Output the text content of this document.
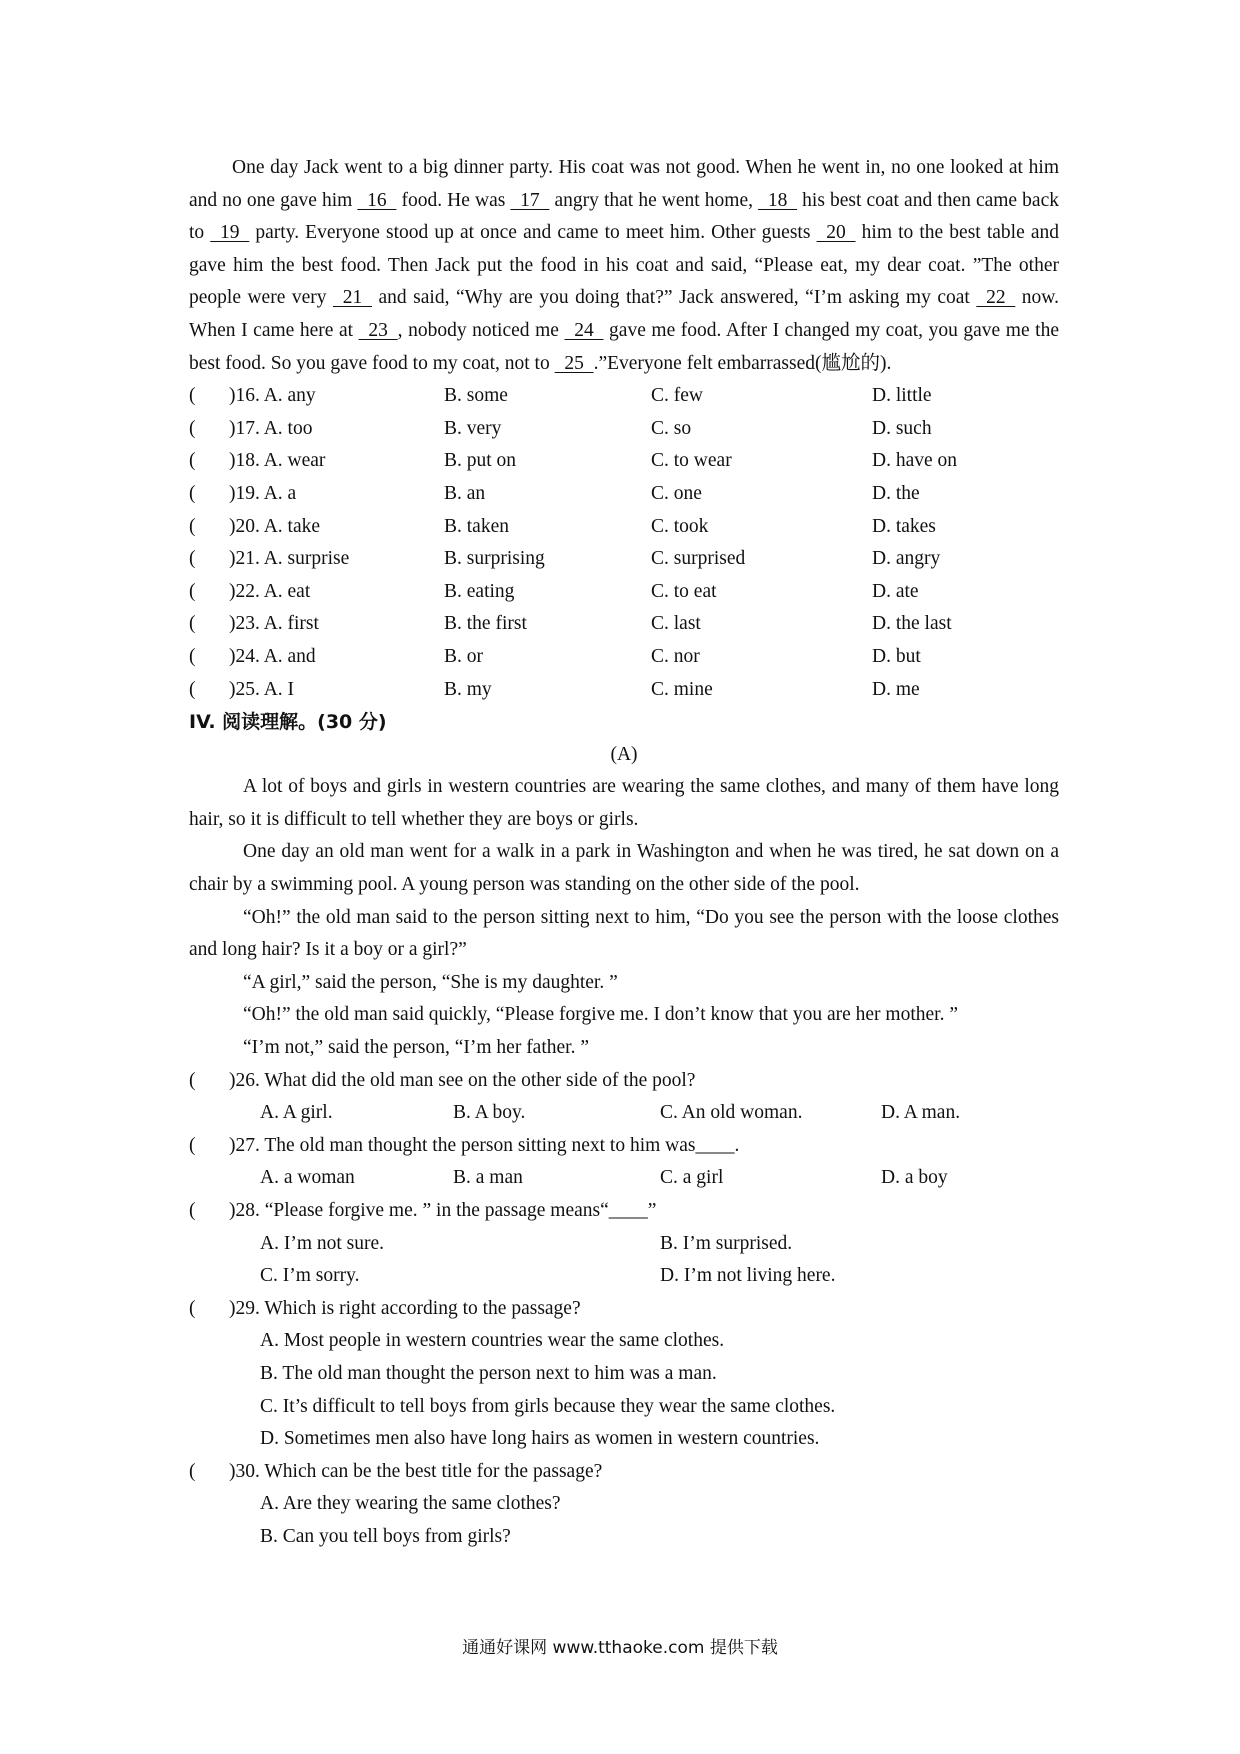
One day Jack went to a big dinner party. His coat was not good. When he went in, no one looked at him and no one gave him   16   food. He was   17   angry that he went home,   18   his best coat and then came back to   19   party. Everyone stood up at once and came to meet him. Other guests   20   him to the best table and gave him the best food. Then Jack put the food in his coat and said, “Please eat, my dear coat. ”The other people were very   21   and said, “Why are you doing that?” Jack answered, “I’m asking my coat   22   now. When I came here at   23  , nobody noticed me   24   gave me food. After I changed my coat, you gave me the best food. So you gave food to my coat, not to   25  .”Everyone felt embarrassed(尴尬的).

(	)16. A. any	B. some	C. few	D. little
(	)17. A. too	B. very	C. so	D. such
(	)18. A. wear	B. put on	C. to wear	D. have on
(	)19. A. a	B. an	C. one	D. the
(	)20. A. take	B. taken	C. took	D. takes
(	)21. A. surprise	B. surprising	C. surprised	D. angry
(	)22. A. eat	B. eating	C. to eat	D. ate
(	)23. A. first	B. the first	C. last	D. the last
(	)24. A. and	B. or	C. nor	D. but
(	)25. A. I	B. my	C. mine	D. me
IV. 阅读理解。(30 分)
(A)

A lot of boys and girls in western countries are wearing the same clothes, and many of them have long hair, so it is difficult to tell whether they are boys or girls.

One day an old man went for a walk in a park in Washington and when he was tired, he sat down on a chair by a swimming pool. A young person was standing on the other side of the pool.

“Oh!” the old man said to the person sitting next to him, “Do you see the person with the loose clothes and long hair? Is it a boy or a girl?”

“A girl,” said the person, “She is my daughter. ”
“Oh!” the old man said quickly, “Please forgive me. I don’t know that you are her mother. ”
“I’m not,” said the person, “I’m her father. ”
( )26. What did the old man see on the other side of the pool?
A. A girl.	B. A boy.	C. An old woman.	D. A man.
( )27. The old man thought the person sitting next to him was____.
A. a woman	B. a man	C. a girl	D. a boy
( )28. “Please forgive me. ” in the passage means“____”
A. I’m not sure.	B. I’m surprised.
C. I’m sorry.	D. I’m not living here.
( )29. Which is right according to the passage?
A. Most people in western countries wear the same clothes.
B. The old man thought the person next to him was a man.
C. It’s difficult to tell boys from girls because they wear the same clothes.
D. Sometimes men also have long hairs as women in western countries.
( )30. Which can be the best title for the passage?
A. Are they wearing the same clothes?
B. Can you tell boys from girls?
通通好课网 www.tthaoke.com 提供下载
